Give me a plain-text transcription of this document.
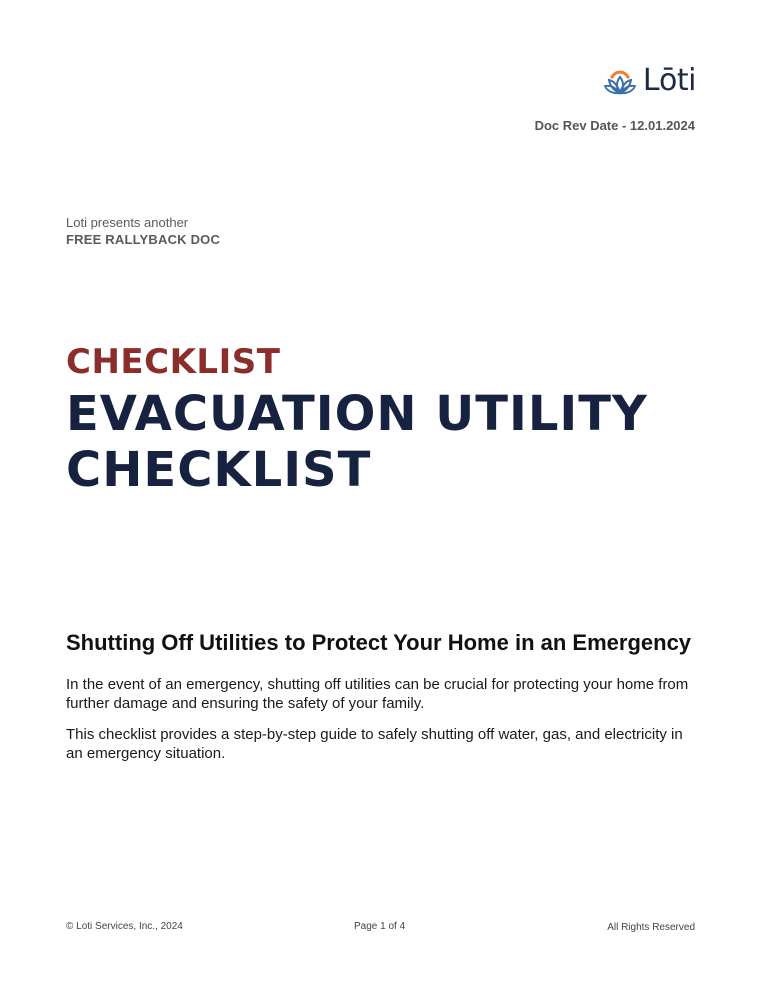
Lōti
Doc Rev Date - 12.01.2024
Loti presents another
FREE RALLYBACK DOC
CHECKLIST
EVACUATION UTILITY
CHECKLIST
Shutting Off Utilities to Protect Your Home in an Emergency

In the event of an emergency, shutting off utilities can be crucial for protecting your home from further damage and ensuring the safety of your family.

This checklist provides a step-by-step guide to safely shutting off water, gas, and electricity in an emergency situation.

© Loti Services, Inc., 2024	Page 1 of 4	All Rights Reserved
